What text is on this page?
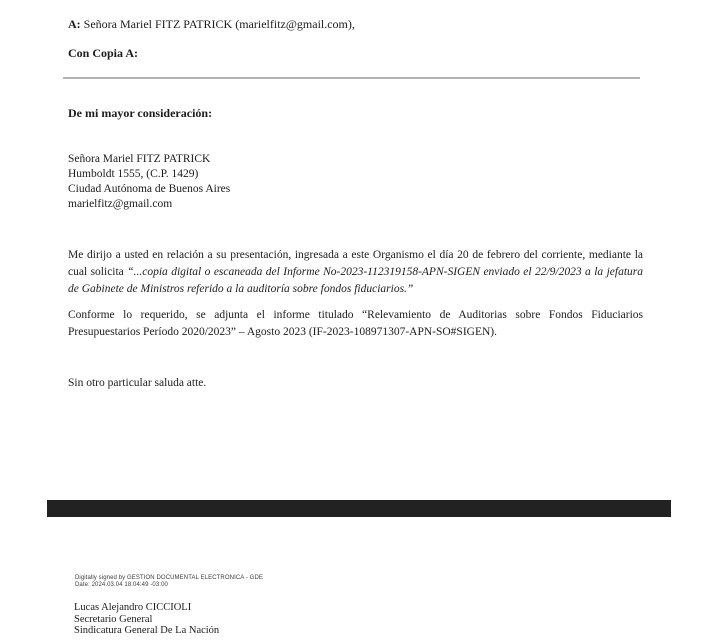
A: Señora Mariel FITZ PATRICK (marielfitz@gmail.com),
Con Copia A:
De mi mayor consideración:
Señora Mariel FITZ PATRICK
Humboldt 1555, (C.P. 1429)
Ciudad Autónoma de Buenos Aires
marielfitz@gmail.com
Me dirijo a usted en relación a su presentación, ingresada a este Organismo el día 20 de febrero del corriente, mediante la cual solicita “...copia digital o escaneada del Informe No-2023-112319158-APN-SIGEN enviado el 22/9/2023 a la jefatura de Gabinete de Ministros referido a la auditoría sobre fondos fiduciarios.”
Conforme lo requerido, se adjunta el informe titulado “Relevamiento de Auditorias sobre Fondos Fiduciarios Presupuestarios Período 2020/2023” – Agosto 2023 (IF-2023-108971307-APN-SO#SIGEN).
Sin otro particular saluda atte.
Digitally signed by GESTION DOCUMENTAL ELECTRONICA - GDE
Date: 2024.03.04 18:04:49 -03:00
Lucas Alejandro CICCIOLI
Secretario General
Sindicatura General De La Nación
